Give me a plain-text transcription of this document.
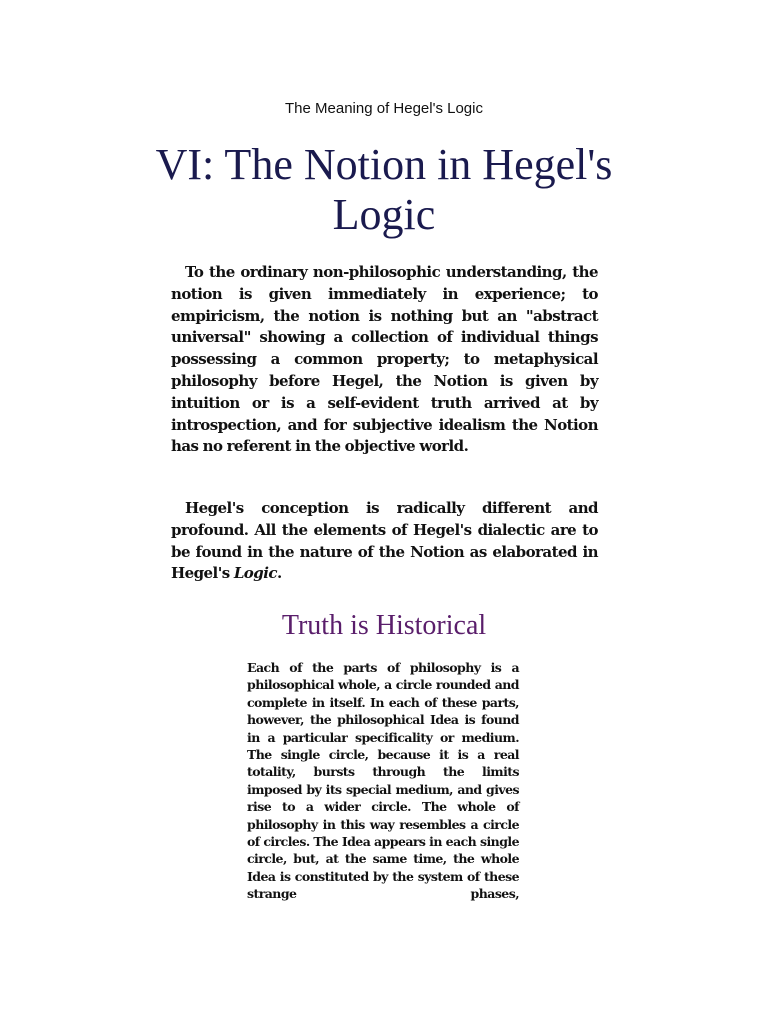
The Meaning of Hegel's Logic
VI: The Notion in Hegel's Logic

To the ordinary non-philosophic understanding, the notion is given immediately in experience; to empiricism, the notion is nothing but an "abstract universal" showing a collection of individual things possessing a common property; to metaphysical philosophy before Hegel, the Notion is given by intuition or is a self-evident truth arrived at by introspection, and for subjective idealism the Notion has no referent in the objective world.

Hegel's conception is radically different and profound. All the elements of Hegel's dialectic are to be found in the nature of the Notion as elaborated in Hegel's Logic.

Truth is Historical
Each of the parts of philosophy is a philosophical whole, a circle rounded and complete in itself. In each of these parts, however, the philosophical Idea is found in a particular specificality or medium. The single circle, because it is a real totality, bursts through the limits imposed by its special medium, and gives rise to a wider circle. The whole of philosophy in this way resembles a circle of circles. The Idea appears in each single circle, but, at the same time, the whole Idea is constituted by the system of these strange phases,
